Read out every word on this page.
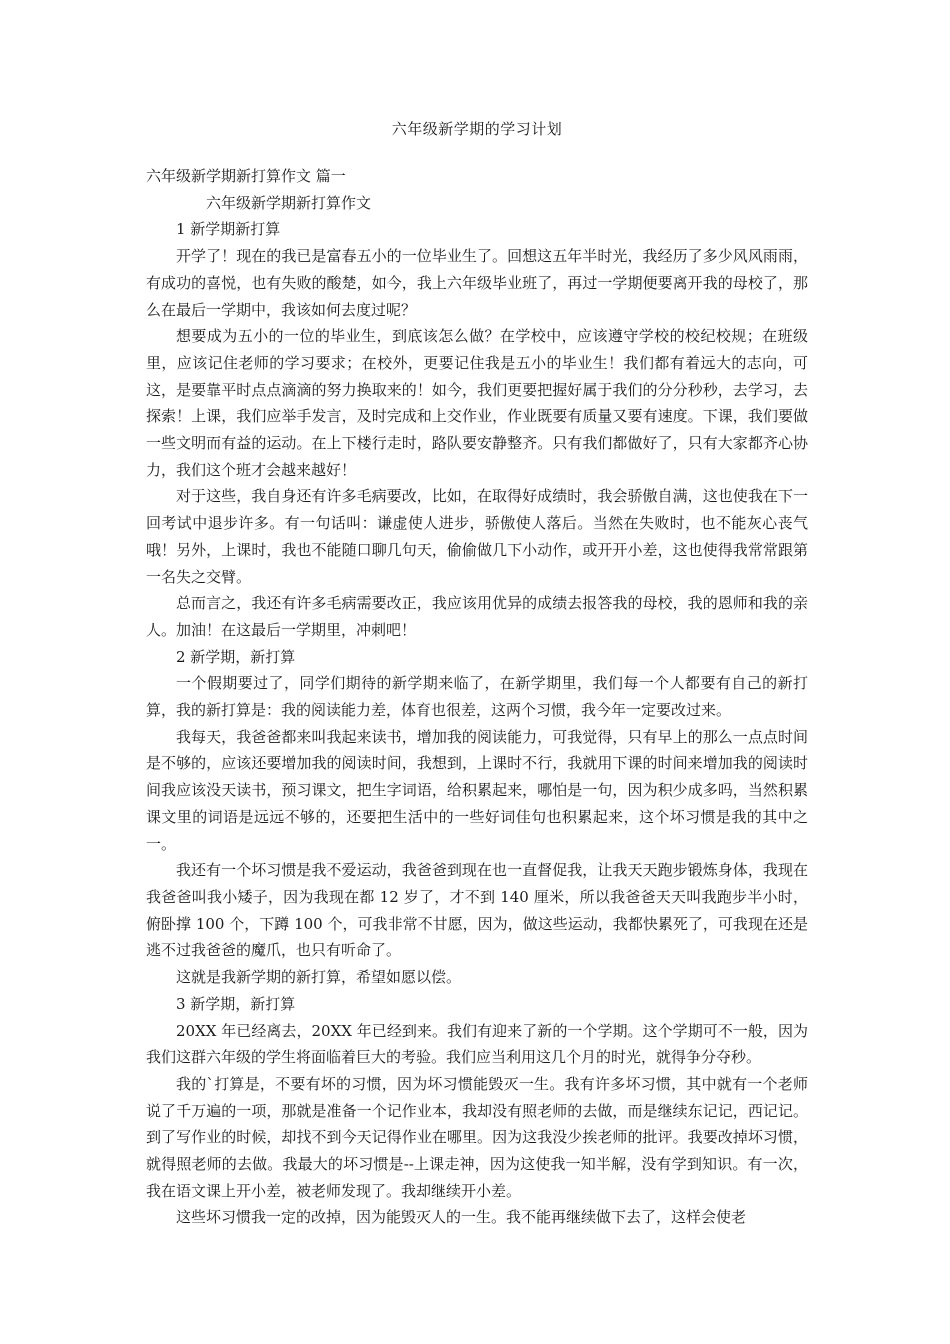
六年级新学期的学习计划

六年级新学期新打算作文 篇一

六年级新学期新打算作文

1 新学期新打算

开学了！现在的我已是富春五小的一位毕业生了。回想这五年半时光，我经历了多少风风雨雨，有成功的喜悦，也有失败的酸楚，如今，我上六年级毕业班了，再过一学期便要离开我的母校了，那么在最后一学期中，我该如何去度过呢？

想要成为五小的一位的毕业生，到底该怎么做？在学校中，应该遵守学校的校纪校规；在班级里，应该记住老师的学习要求；在校外，更要记住我是五小的毕业生！我们都有着远大的志向，可这，是要靠平时点点滴滴的努力换取来的！如今，我们更要把握好属于我们的分分秒秒，去学习，去探索！上课，我们应举手发言，及时完成和上交作业，作业既要有质量又要有速度。下课，我们要做一些文明而有益的运动。在上下楼行走时，路队要安静整齐。只有我们都做好了，只有大家都齐心协力，我们这个班才会越来越好！

对于这些，我自身还有许多毛病要改，比如，在取得好成绩时，我会骄傲自满，这也使我在下一回考试中退步许多。有一句话叫：谦虚使人进步，骄傲使人落后。当然在失败时，也不能灰心丧气哦！另外，上课时，我也不能随口聊几句天，偷偷做几下小动作，或开开小差，这也使得我常常跟第一名失之交臂。

总而言之，我还有许多毛病需要改正，我应该用优异的成绩去报答我的母校，我的恩师和我的亲人。加油！在这最后一学期里，冲刺吧！

2 新学期，新打算

一个假期要过了，同学们期待的新学期来临了，在新学期里，我们每一个人都要有自己的新打算，我的新打算是：我的阅读能力差，体育也很差，这两个习惯，我今年一定要改过来。

我每天，我爸爸都来叫我起来读书，增加我的阅读能力，可我觉得，只有早上的那么一点点时间是不够的，应该还要增加我的阅读时间，我想到，上课时不行，我就用下课的时间来增加我的阅读时间我应该没天读书，预习课文，把生字词语，给积累起来，哪怕是一句，因为积少成多吗，当然积累课文里的词语是远远不够的，还要把生活中的一些好词佳句也积累起来，这个坏习惯是我的其中之一。

我还有一个坏习惯是我不爱运动，我爸爸到现在也一直督促我，让我天天跑步锻炼身体，我现在我爸爸叫我小矮子，因为我现在都 12 岁了，才不到 140 厘米，所以我爸爸天天叫我跑步半小时，俯卧撑 100 个，下蹲 100 个，可我非常不甘愿，因为，做这些运动，我都快累死了，可我现在还是逃不过我爸爸的魔爪，也只有听命了。

这就是我新学期的新打算，希望如愿以偿。

3 新学期，新打算

20XX 年已经离去，20XX 年已经到来。我们有迎来了新的一个学期。这个学期可不一般，因为我们这群六年级的学生将面临着巨大的考验。我们应当利用这几个月的时光，就得争分夺秒。

我的`打算是，不要有坏的习惯，因为坏习惯能毁灭一生。我有许多坏习惯，其中就有一个老师说了千万遍的一项，那就是准备一个记作业本，我却没有照老师的去做，而是继续东记记，西记记。到了写作业的时候，却找不到今天记得作业在哪里。因为这我没少挨老师的批评。我要改掉坏习惯，就得照老师的去做。我最大的坏习惯是--上课走神，因为这使我一知半解，没有学到知识。有一次，我在语文课上开小差，被老师发现了。我却继续开小差。

这些坏习惯我一定的改掉，因为能毁灭人的一生。我不能再继续做下去了，这样会使老
